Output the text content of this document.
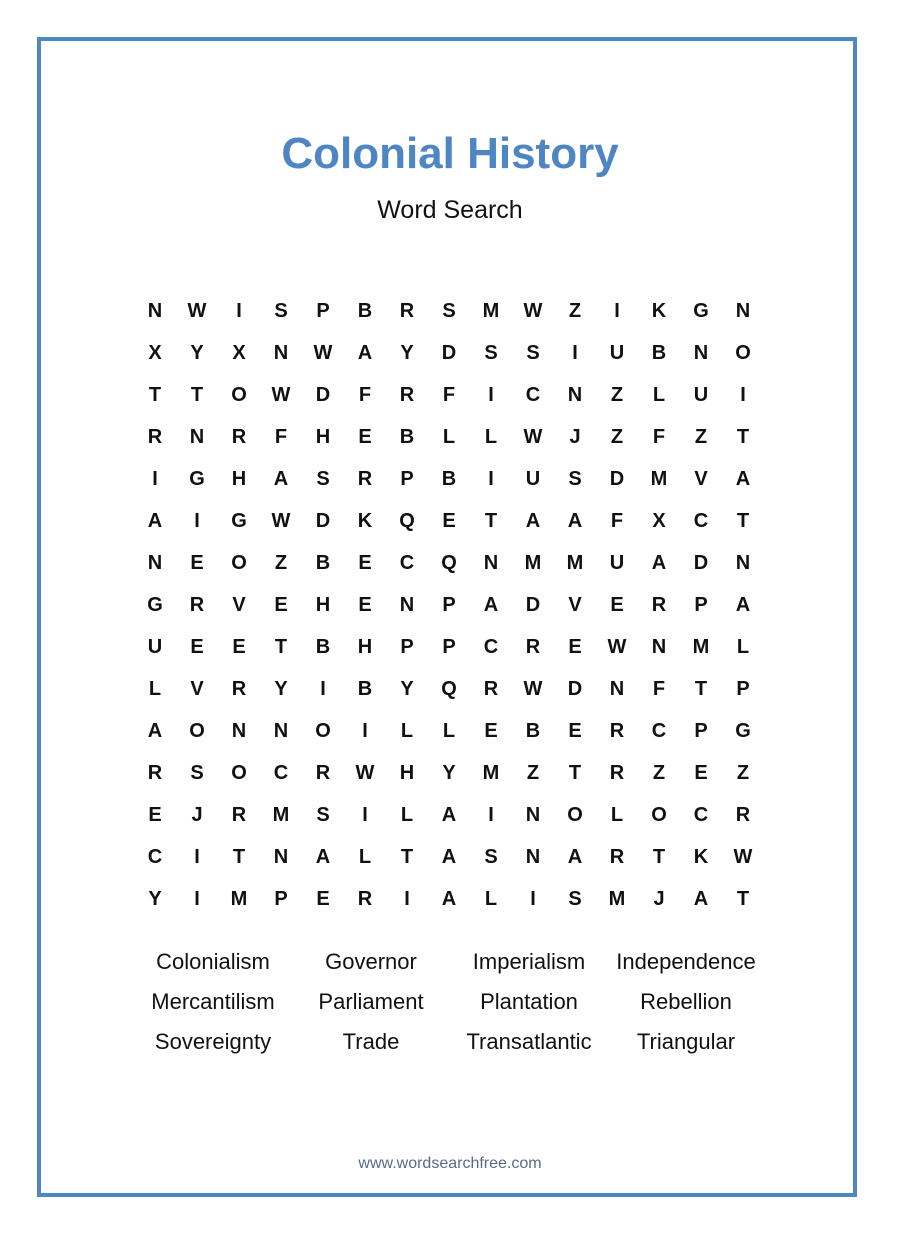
Colonial History
Word Search
N	W	I	S	P	B	R	S	M	W	Z	I	K	G	N
X	Y	X	N	W	A	Y	D	S	S	I	U	B	N	O
T	T	O	W	D	F	R	F	I	C	N	Z	L	U	I
R	N	R	F	H	E	B	L	L	W	J	Z	F	Z	T
I	G	H	A	S	R	P	B	I	U	S	D	M	V	A
A	I	G	W	D	K	Q	E	T	A	A	F	X	C	T
N	E	O	Z	B	E	C	Q	N	M	M	U	A	D	N
G	R	V	E	H	E	N	P	A	D	V	E	R	P	A
U	E	E	T	B	H	P	P	C	R	E	W	N	M	L
L	V	R	Y	I	B	Y	Q	R	W	D	N	F	T	P
A	O	N	N	O	I	L	L	E	B	E	R	C	P	G
R	S	O	C	R	W	H	Y	M	Z	T	R	Z	E	Z
E	J	R	M	S	I	L	A	I	N	O	L	O	C	R
C	I	T	N	A	L	T	A	S	N	A	R	T	K	W
Y	I	M	P	E	R	I	A	L	I	S	M	J	A	T
Colonialism	Governor	Imperialism	Independence
Mercantilism	Parliament	Plantation	Rebellion
Sovereignty	Trade	Transatlantic	Triangular
www.wordsearchfree.com
